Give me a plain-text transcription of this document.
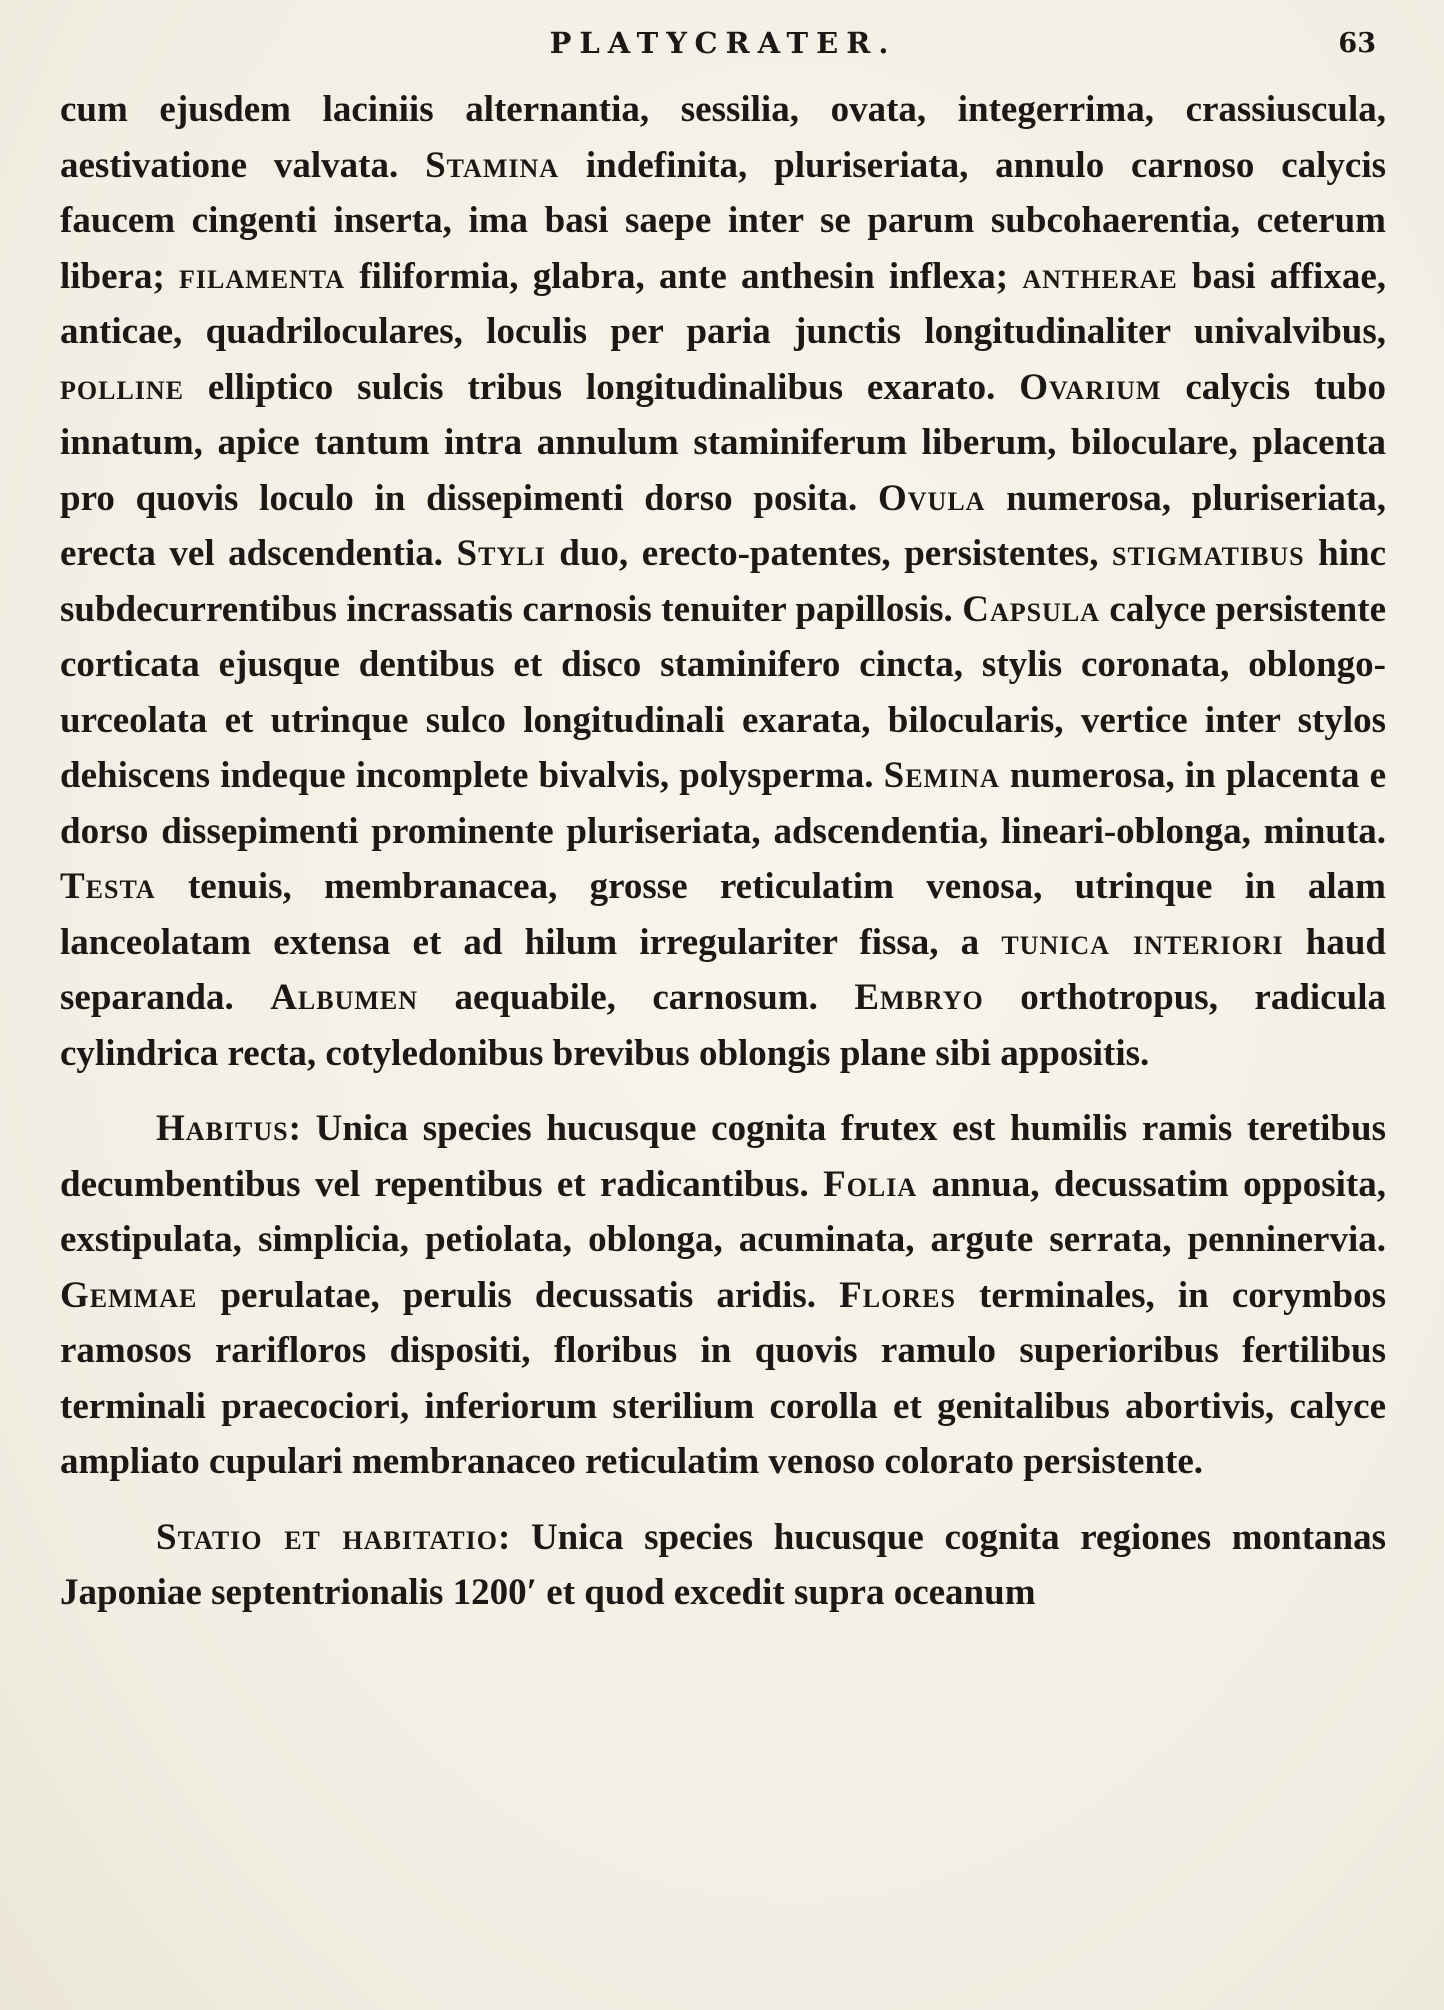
PLATYCRATER.	63

cum ejusdem laciniis alternantia, sessilia, ovata, integerrima, crassiuscula, aestivatione valvata. Stamina indefinita, pluriseriata, annulo carnoso calycis faucem cingenti inserta, ima basi saepe inter se parum subcohaerentia, ceterum libera; filamenta filiformia, glabra, ante anthesin inflexa; antherae basi affixae, anticae, quadriloculares, loculis per paria junctis longitudinaliter univalvibus, polline elliptico sulcis tribus longitudinalibus exarato. Ovarium calycis tubo innatum, apice tantum intra annulum staminiferum liberum, biloculare, placenta pro quovis loculo in dissepimenti dorso posita. Ovula numerosa, pluriseriata, erecta vel adscendentia. Styli duo, erecto-patentes, persistentes, stigmatibus hinc subdecurrentibus incrassatis carnosis tenuiter papillosis. Capsula calyce persistente corticata ejusque dentibus et disco staminifero cincta, stylis coronata, oblongo-urceolata et utrinque sulco longitudinali exarata, bilocularis, vertice inter stylos dehiscens indeque incomplete bivalvis, polysperma. Semina numerosa, in placenta e dorso dissepimenti prominente pluriseriata, adscendentia, lineari-oblonga, minuta. Testa tenuis, membranacea, grosse reticulatim venosa, utrinque in alam lanceolatam extensa et ad hilum irregulariter fissa, a tunica interiori haud separanda. Albumen aequabile, carnosum. Embryo orthotropus, radicula cylindrica recta, cotyledonibus brevibus oblongis plane sibi appositis.

Habitus: Unica species hucusque cognita frutex est humilis ramis teretibus decumbentibus vel repentibus et radicantibus. Folia annua, decussatim opposita, exstipulata, simplicia, petiolata, oblonga, acuminata, argute serrata, penninervia. Gemmae perulatae, perulis decussatis aridis. Flores terminales, in corymbos ramosos rarifloros dispositi, floribus in quovis ramulo superioribus fertilibus terminali praecociori, inferiorum sterilium corolla et genitalibus abortivis, calyce ampliato cupulari membranaceo reticulatim venoso colorato persistente.

Statio et habitatio: Unica species hucusque cognita regiones montanas Japoniae septentrionalis 1200′ et quod excedit supra oceanum
